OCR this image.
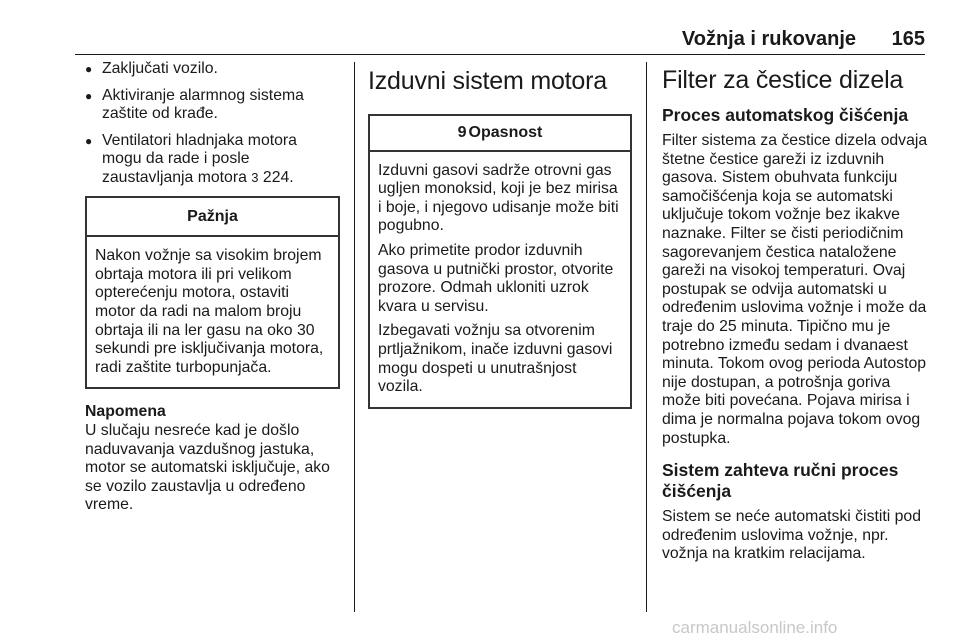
Vožnja i rukovanje 165
● Zaključati vozilo.
● Aktiviranje alarmnog sistema zaštite od krađe.
● Ventilatori hladnjaka motora mogu da rade i posle zaustavljanja motora 3 224.
Pažnja
Nakon vožnje sa visokim brojem obrtaja motora ili pri velikom opterećenju motora, ostaviti motor da radi na malom broju obrtaja ili na ler gasu na oko 30 sekundi pre isključivanja motora, radi zaštite turbopunjača.
Napomena
U slučaju nesreće kad je došlo naduvavanja vazdušnog jastuka, motor se automatski isključuje, ako se vozilo zaustavlja u određeno vreme.
Izduvni sistem motora
9 Opasnost

Izduvni gasovi sadrže otrovni gas ugljen monoksid, koji je bez mirisa i boje, i njegovo udisanje može biti pogubno.

Ako primetite prodor izduvnih gasova u putnički prostor, otvorite prozore. Odmah ukloniti uzrok kvara u servisu.

Izbegavati vožnju sa otvorenim prtljažnikom, inače izduvni gasovi mogu dospeti u unutrašnjost vozila.

Filter za čestice dizela
Proces automatskog čišćenja
Filter sistema za čestice dizela odvaja štetne čestice gareži iz izduvnih gasova. Sistem obuhvata funkciju samočišćenja koja se automatski uključuje tokom vožnje bez ikakve naznake. Filter se čisti periodičnim sagorevanjem čestica nataložene gareži na visokoj temperaturi. Ovaj postupak se odvija automatski u određenim uslovima vožnje i može da traje do 25 minuta. Tipično mu je potrebno između sedam i dvanaest minuta. Tokom ovog perioda Autostop nije dostupan, a potrošnja goriva može biti povećana. Pojava mirisa i dima je normalna pojava tokom ovog postupka.
Sistem zahteva ručni proces čišćenja
Sistem se neće automatski čistiti pod određenim uslovima vožnje, npr. vožnja na kratkim relacijama.
carmanualsonline.info
